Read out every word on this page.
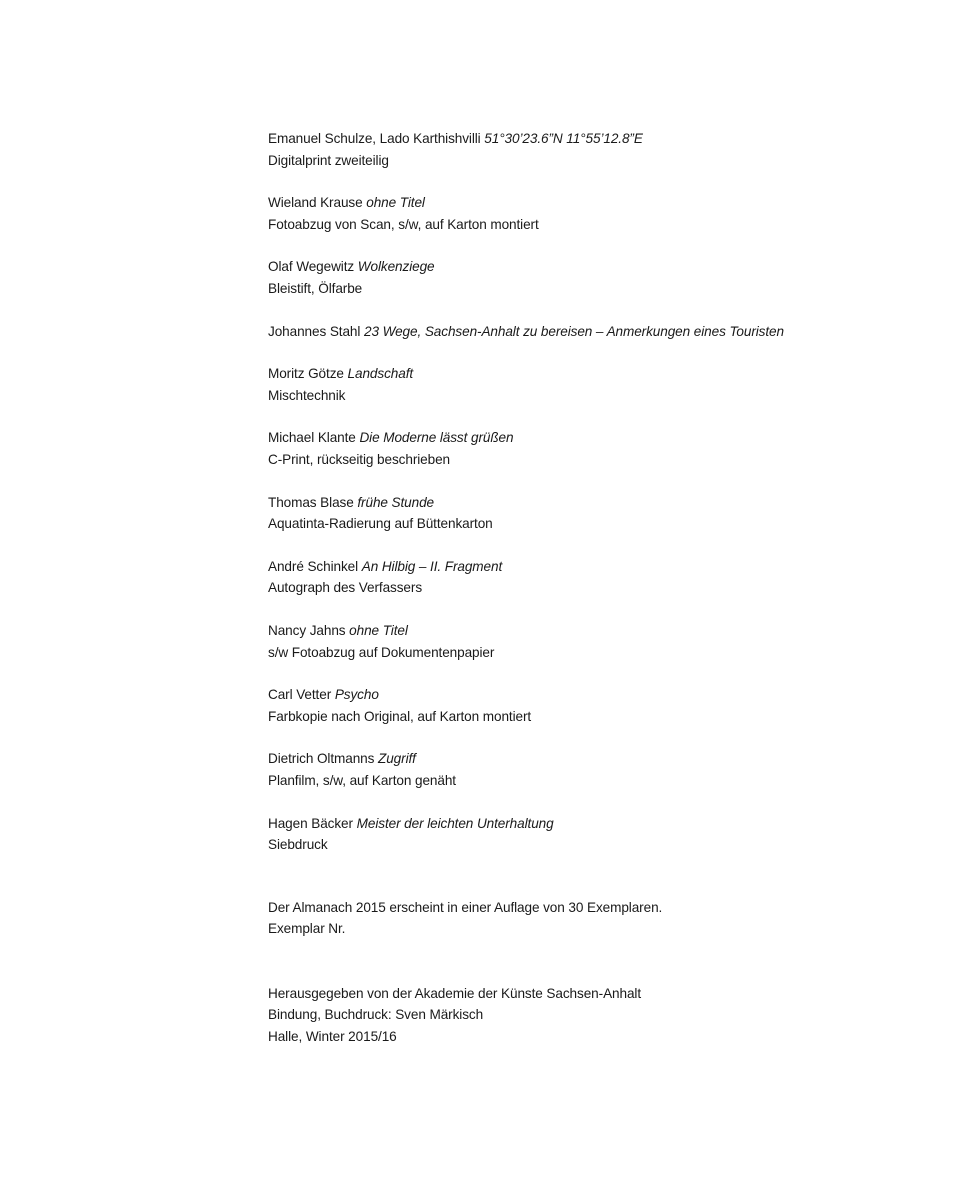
Emanuel Schulze, Lado Karthishvilli 51°30’23.6”N 11°55’12.8”E
Digitalprint zweiteilig
Wieland Krause ohne Titel
Fotoabzug von Scan, s/w, auf Karton montiert
Olaf Wegewitz Wolkenziege
Bleistift, Ölfarbe
Johannes Stahl 23 Wege, Sachsen-Anhalt zu bereisen – Anmerkungen eines Touristen
Moritz Götze Landschaft
Mischtechnik
Michael Klante Die Moderne lässt grüßen
C-Print, rückseitig beschrieben
Thomas Blase frühe Stunde
Aquatinta-Radierung auf Büttenkarton
André Schinkel An Hilbig – II. Fragment
Autograph des Verfassers
Nancy Jahns ohne Titel
s/w Fotoabzug auf Dokumentenpapier
Carl Vetter Psycho
Farbkopie nach Original, auf Karton montiert
Dietrich Oltmanns Zugriff
Planfilm, s/w, auf Karton genäht
Hagen Bäcker Meister der leichten Unterhaltung
Siebdruck
Der Almanach 2015 erscheint in einer Auflage von 30 Exemplaren.
Exemplar Nr.
Herausgegeben von der Akademie der Künste Sachsen-Anhalt
Bindung, Buchdruck: Sven Märkisch
Halle, Winter 2015/16
